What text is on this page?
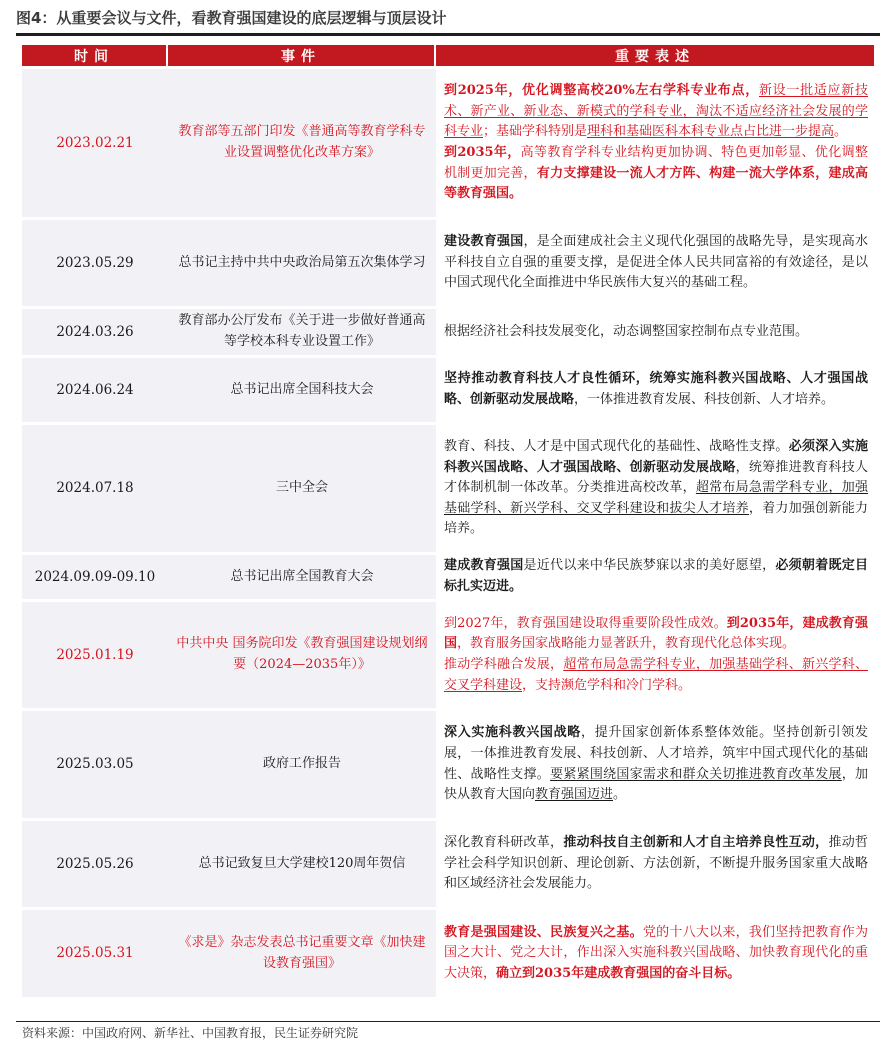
图4：从重要会议与文件，看教育强国建设的底层逻辑与顶层设计
时间	事件	重要表述
2023.02.21	教育部等五部门印发《普通高等教育学科专业设置调整优化改革方案》	到2025年，优化调整高校20%左右学科专业布点，新设一批适应新技术、新产业、新业态、新模式的学科专业，淘汰不适应经济社会发展的学科专业；基础学科特别是理科和基础医科本科专业点占比进一步提高。
到2035年，高等教育学科专业结构更加协调、特色更加彰显、优化调整机制更加完善，有力支撑建设一流人才方阵、构建一流大学体系，建成高等教育强国。
2023.05.29	总书记主持中共中央政治局第五次集体学习	建设教育强国，是全面建成社会主义现代化强国的战略先导，是实现高水平科技自立自强的重要支撑，是促进全体人民共同富裕的有效途径，是以中国式现代化全面推进中华民族伟大复兴的基础工程。
2024.03.26	教育部办公厅发布《关于进一步做好普通高等学校本科专业设置工作》	根据经济社会科技发展变化，动态调整国家控制布点专业范围。
2024.06.24	总书记出席全国科技大会	坚持推动教育科技人才良性循环，统筹实施科教兴国战略、人才强国战略、创新驱动发展战略，一体推进教育发展、科技创新、人才培养。
2024.07.18	三中全会	教育、科技、人才是中国式现代化的基础性、战略性支撑。必须深入实施科教兴国战略、人才强国战略、创新驱动发展战略，统筹推进教育科技人才体制机制一体改革。分类推进高校改革，超常布局急需学科专业，加强基础学科、新兴学科、交叉学科建设和拔尖人才培养，着力加强创新能力培养。
2024.09.09-09.10	总书记出席全国教育大会	建成教育强国是近代以来中华民族梦寐以求的美好愿望，必须朝着既定目标扎实迈进。
2025.01.19	中共中央 国务院印发《教育强国建设规划纲要（2024—2035年）》	到2027年，教育强国建设取得重要阶段性成效。到2035年，建成教育强国，教育服务国家战略能力显著跃升，教育现代化总体实现。
推动学科融合发展，超常布局急需学科专业，加强基础学科、新兴学科、交叉学科建设，支持濒危学科和冷门学科。
2025.03.05	政府工作报告	深入实施科教兴国战略，提升国家创新体系整体效能。坚持创新引领发展，一体推进教育发展、科技创新、人才培养，筑牢中国式现代化的基础性、战略性支撑。要紧紧围绕国家需求和群众关切推进教育改革发展，加快从教育大国向教育强国迈进。
2025.05.26	总书记致复旦大学建校120周年贺信	深化教育科研改革，推动科技自主创新和人才自主培养良性互动，推动哲学社会科学知识创新、理论创新、方法创新，不断提升服务国家重大战略和区域经济社会发展能力。
2025.05.31	《求是》杂志发表总书记重要文章《加快建设教育强国》	教育是强国建设、民族复兴之基。党的十八大以来，我们坚持把教育作为国之大计、党之大计，作出深入实施科教兴国战略、加快教育现代化的重大决策，确立到2035年建成教育强国的奋斗目标。
资料来源：中国政府网、新华社、中国教育报，民生证券研究院
